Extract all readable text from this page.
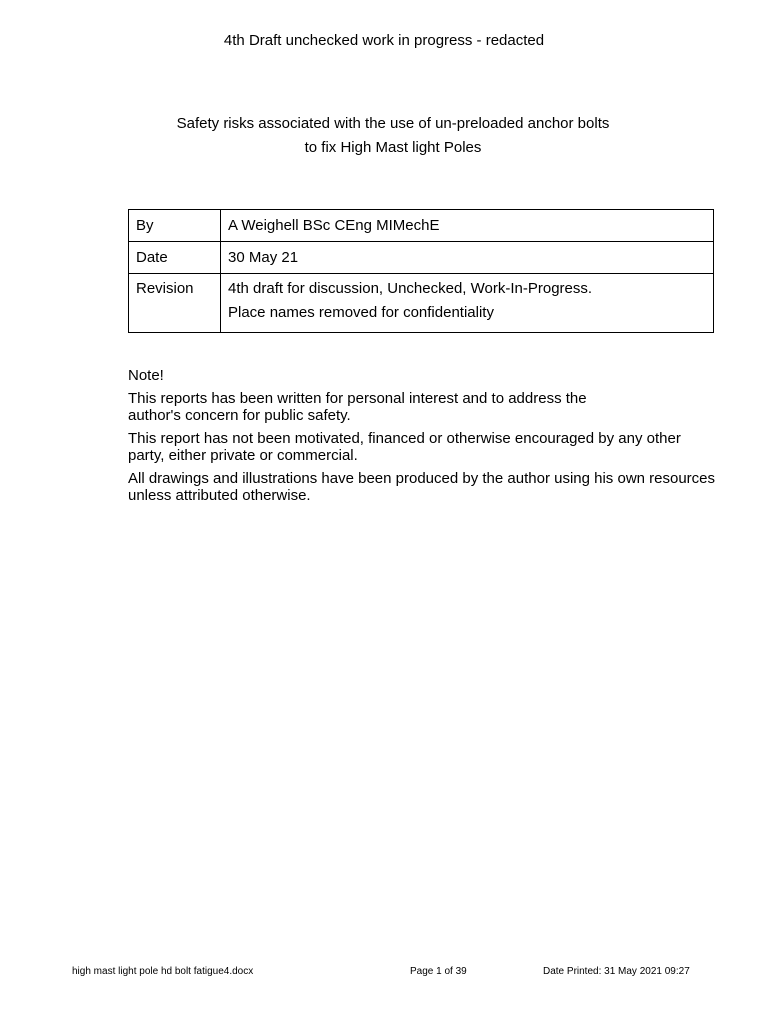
4th Draft unchecked work in progress - redacted
Safety risks associated with the use of un-preloaded anchor bolts
to fix High Mast light Poles
By	A Weighell BSc CEng MIMechE
Date	30 May 21
Revision	4th draft for discussion, Unchecked, Work-In-Progress.
Place names removed for confidentiality

Note!

This reports has been written for personal interest and to address the
author's concern for public safety.

This report has not been motivated, financed or otherwise encouraged by any other party, either private or commercial.

All drawings and illustrations have been produced by the author using his own resources unless attributed otherwise.

high mast light pole hd bolt fatigue4.docx	Page 1 of 39	Date Printed: 31 May 2021 09:27
